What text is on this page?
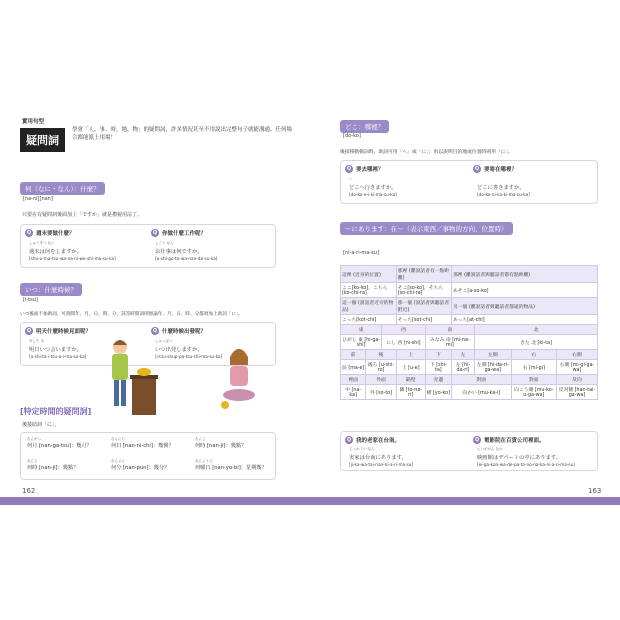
實用句型
疑問詞
學會「人、事、時、地、物」的疑問詞，許多情況甚至不用說出完整句子就能溝通，任何場合都能派上用場！
何（なに・なん）：什麼？
[na-ni][nan]
只要在有疑問詞後面加上「ですか」就是禮貌用法了。
Q 週末要做什麼？
しゅうまつ なに
週末は何をしますか。
[shu-u-ma-tsu-wa-na-ni-wo-shi-ma-su-ka]
Q 你做什麼工作呢？
しごと なん
お仕事は何ですか。
[o-shi-go-to-wa-nan-de-su-ka]
いつ：什麼時候？
[i-tsu]
いつ後面不加助詞，可詢問年、月、日、時、分，該答時間詞則無論年、月、日、時、分都須加上助詞「に」。
Q 明天什麼時候見面呢？
あした あ
明日いつ会いますか。
[a-shi-ta-i-tsu-a-i-ma-su-ka]
Q 什麼時候出發呢？
しゅっぱつ
いつ出発しますか。
[i-tsu-shup-pa-tsu-shi-ma-su-ka]
[特定時間的疑問詞]
後接助詞「に」。
なんがつ
何月 [nan-ga-tsu]：幾月？
なんにち
何日 [nan-ni-chi]：幾號？
なんじ
何時 [nan-ji]：幾點？
なんじ
何時 [nan-ji]：幾點？
なんぷん
何分 [nan-pun]：幾分？
なんようび
何曜日 [nan-yo-bi]：星期幾？
162
どこ：哪裡？
[do-ko]
後接移動動詞時，助詞可用「へ」或「に」；用以說明目的地或位置時則用「に」。
Q 要去哪裡？
い
どこへ行きますか。
[do-ko-e-i-ki-ma-su-ka]
Q 要寄在哪裡？
どこに書きますか。
[do-ko-ni-ka-ki-ma-su-ka]
～にあります：在～（表示東西／事物的方向、位置時）
[ni-a-ri-ma-su]
這裡 (近身的位置)			那裡 (離說話者有一點距離)		那裡 (離說話者與聽話者都有點距離)			
ここ[ko-ko]，こちら[ko-chi-ra]			そこ[so-ko]，そちら[so-chi-ra]		あそこ[a-so-ko]			
這一個 (說話者近旁的物品)			那一個 (說話者與聽話者附近)		另一個 (離說話者與聽話者都遠的物品)			
こっち[kot-chi]			そっち[sot-chi]		あっち[at-chi]			
東		西		南		北		
ひがし 東 [hi-ga-shi]		にし 西 [ni-shi]		みなみ 南 [mi-na-mi]		きた 北 [ki-ta]		
前	後		上	下	左	左側	右	右側
前 [ma-e]	後ろ [u-shi-ro]		上 [u-e]	下 [shi-ta]	左 [hi-da-ri]	左側 [hi-da-ri-ga-wa]	右 [mi-gi]	右側 [mi-gi-ga-wa]
裡面	外面		隔壁	旁邊	對面		對面	反向
中 [na-ka]	外 [so-to]		隣 [to-na-ri]	横 [yo-ko]	向かい [mu-ka-i]		向こう側 [mu-ko-u-ga-wa]	反対側 [han-tai-ga-wa]
Q 我的老家在台南。
じっか たいなん
実家は台南にあります。
[ji-ka-wa-tai-nan-ni-a-ri-ma-su]
Q 電影院在百貨公司裡面。
えいがかん なか
映画館はデパートの中にあります。
[ei-ga-kan-wa-de-pa-to-no-na-ka-ni-a-ri-ma-su]
163
